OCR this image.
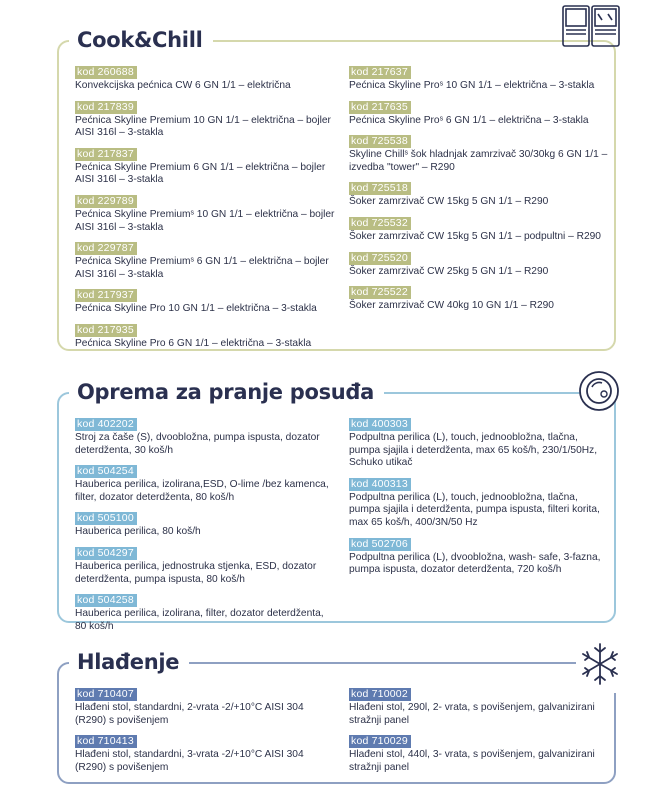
Cook&Chill
kod 260688
Konvekcijska pećnica CW 6 GN 1/1 – električna
kod 217839
Pećnica Skyline Premium 10 GN 1/1 – električna – bojler AISI 316l – 3-stakla
kod 217837
Pećnica Skyline Premium 6 GN 1/1 – električna – bojler AISI 316l – 3-stakla
kod 229789
Pećnica Skyline Premiumˢ 10 GN 1/1 – električna – bojler AISI 316l – 3-stakla
kod 229787
Pećnica Skyline Premiumˢ 6 GN 1/1 – električna – bojler AISI 316l – 3-stakla
kod 217937
Pećnica Skyline Pro 10 GN 1/1 – električna – 3-stakla
kod 217935
Pećnica Skyline Pro 6 GN 1/1 – električna – 3-stakla
kod 217637
Pećnica Skyline Proˢ 10 GN 1/1 – električna – 3-stakla
kod 217635
Pećnica Skyline Proˢ 6 GN 1/1 – električna – 3-stakla
kod 725538
Skyline Chillˢ šok hladnjak zamrzivač 30/30kg 6 GN 1/1 – izvedba "tower" – R290
kod 725518
Šoker zamrzivač CW 15kg 5 GN 1/1 – R290
kod 725532
Šoker zamrzivač CW 15kg 5 GN 1/1 – podpultni – R290
kod 725520
Šoker zamrzivač CW 25kg 5 GN 1/1 – R290
kod 725522
Šoker zamrzivač CW 40kg 10 GN 1/1 – R290
Oprema za pranje posuđa
kod 402202
Stroj za čaše (S), dvoobložna, pumpa ispusta, dozator deterdženta, 30 koš/h
kod 504254
Hauberica perilica, izolirana,ESD, O-lime /bez kamenca, filter, dozator deterdženta, 80 koš/h
kod 505100
Hauberica perilica, 80 koš/h
kod 504297
Hauberica perilica, jednostruka stjenka, ESD, dozator deterdženta, pumpa ispusta, 80 koš/h
kod 504258
Hauberica perilica, izolirana, filter, dozator deterdženta, 80 koš/h
kod 400303
Podpultna perilica (L), touch, jednoobložna, tlačna, pumpa sjajila i deterdženta, max 65 koš/h, 230/1/50Hz, Schuko utikač
kod 400313
Podpultna perilica (L), touch, jednoobložna, tlačna, pumpa sjajila i deterdženta, pumpa ispusta, filteri korita, max 65 koš/h, 400/3N/50 Hz
kod 502706
Podpultna perilica (L), dvoobložna, wash- safe, 3-fazna, pumpa ispusta, dozator deterdženta, 720 koš/h
Hlađenje
kod 710407
Hlađeni stol, standardni, 2-vrata -2/+10°C AISI 304 (R290) s povišenjem
kod 710413
Hlađeni stol, standardni, 3-vrata -2/+10°C AISI 304 (R290) s povišenjem
kod 710002
Hlađeni stol, 290l, 2- vrata, s povišenjem, galvanizirani stražnji panel
kod 710029
Hlađeni stol, 440l, 3- vrata, s povišenjem, galvanizirani stražnji panel
